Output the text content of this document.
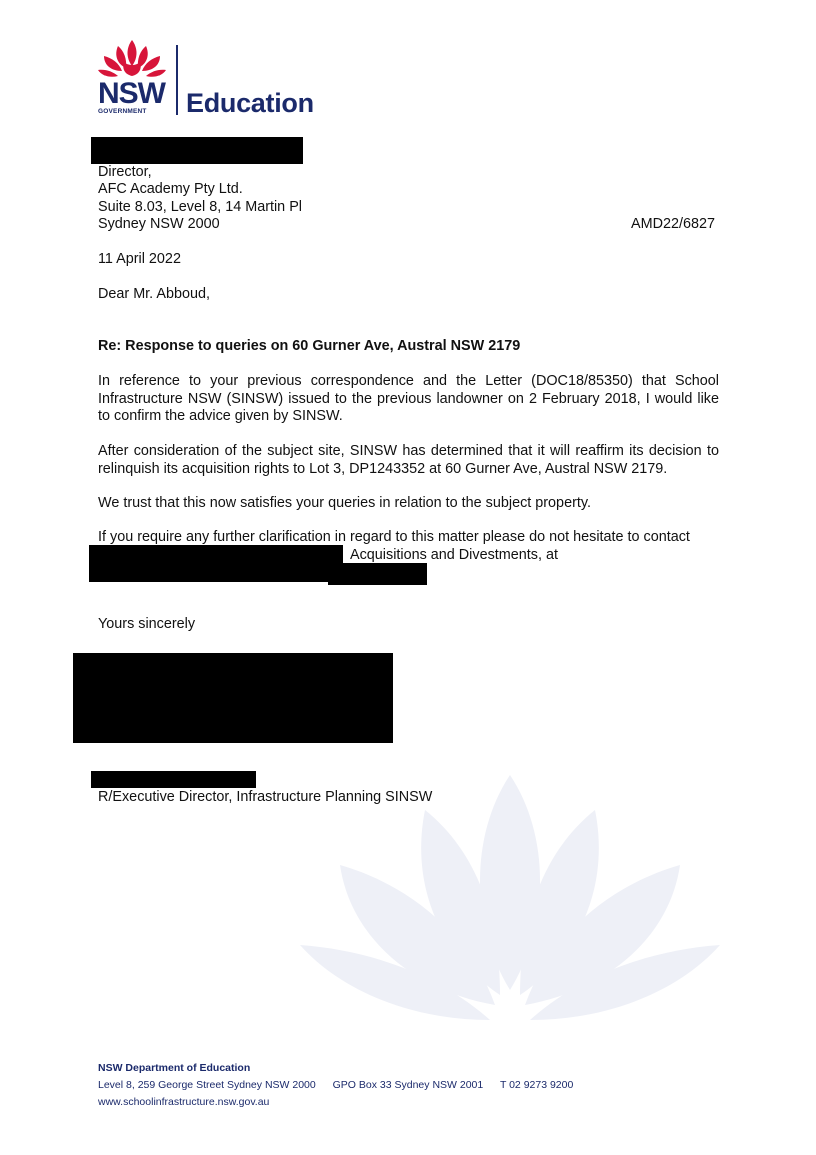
NSW
GOVERNMENT Education
Director,
AFC Academy Pty Ltd.
Suite 8.03, Level 8, 14 Martin Pl
Sydney NSW 2000	AMD22/6827
11 April 2022
Dear Mr. Abboud,
Re: Response to queries on 60 Gurner Ave, Austral NSW 2179
In reference to your previous correspondence and the Letter (DOC18/85350) that School Infrastructure NSW (SINSW) issued to the previous landowner on 2 February 2018, I would like to confirm the advice given by SINSW.
After consideration of the subject site, SINSW has determined that it will reaffirm its decision to relinquish its acquisition rights to Lot 3, DP1243352 at 60 Gurner Ave, Austral NSW 2179.
We trust that this now satisfies your queries in relation to the subject property.
If you require any further clarification in regard to this matter please do not hesitate to contact
Acquisitions and Divestments, at
Yours sincerely
R/Executive Director, Infrastructure Planning SINSW
NSW Department of Education
Level 8, 259 George Street Sydney NSW 2000 GPO Box 33 Sydney NSW 2001 T 02 9273 9200
www.schoolinfrastructure.nsw.gov.au
